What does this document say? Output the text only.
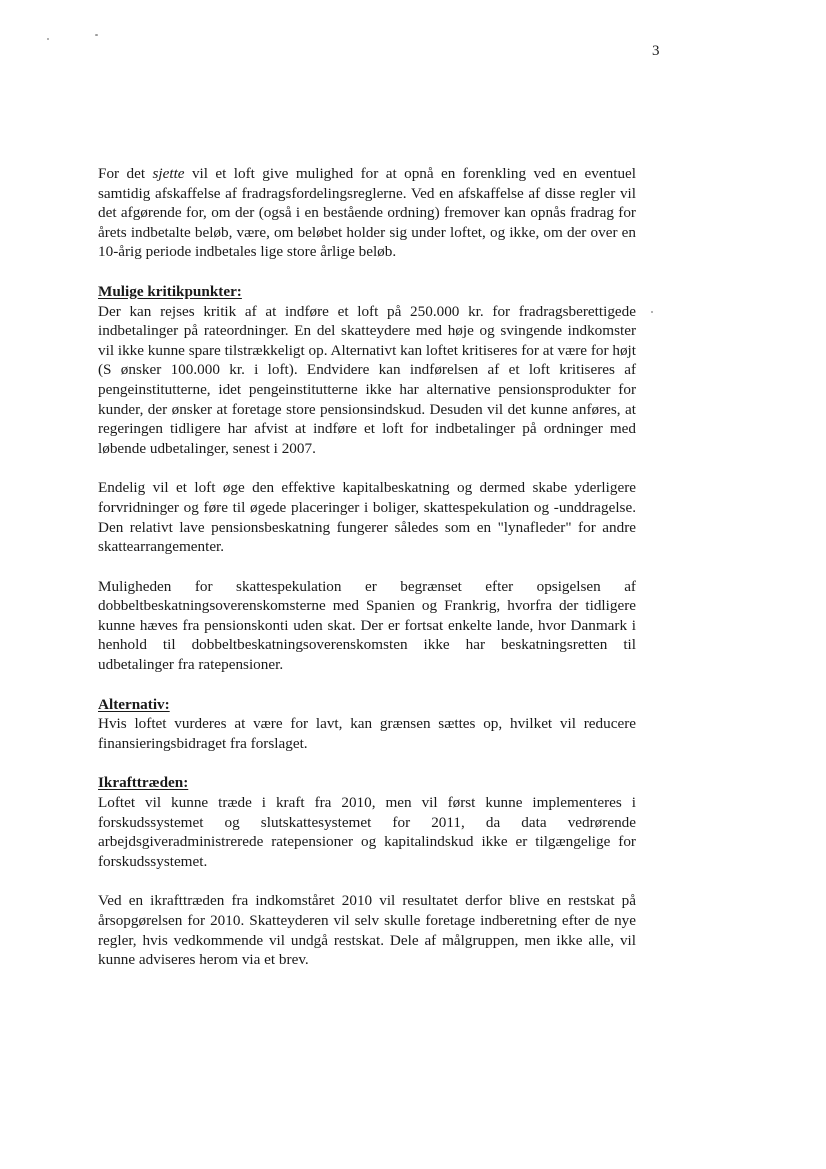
3

For det sjette vil et loft give mulighed for at opnå en forenkling ved en eventuel samtidig afskaffelse af fradragsfordelingsreglerne. Ved en afskaffelse af disse regler vil det afgørende for, om der (også i en bestående ordning) fremover kan opnås fradrag for årets indbetalte beløb, være, om beløbet holder sig under loftet, og ikke, om der over en 10-årig periode indbetales lige store årlige beløb.

Mulige kritikpunkter:

Der kan rejses kritik af at indføre et loft på 250.000 kr. for fradragsberettigede indbetalinger på rateordninger. En del skatteydere med høje og svingende indkomster vil ikke kunne spare tilstrækkeligt op. Alternativt kan loftet kritiseres for at være for højt (S ønsker 100.000 kr. i loft). Endvidere kan indførelsen af et loft kritiseres af pengeinstitutterne, idet pengeinstitutterne ikke har alternative pensionsprodukter for kunder, der ønsker at foretage store pensionsindskud. Desuden vil det kunne anføres, at regeringen tidligere har afvist at indføre et loft for indbetalinger på ordninger med løbende udbetalinger, senest i 2007.

Endelig vil et loft øge den effektive kapitalbeskatning og dermed skabe yderligere forvridninger og føre til øgede placeringer i boliger, skattespekulation og -unddragelse. Den relativt lave pensionsbeskatning fungerer således som en "lynafleder" for andre skattearrangementer.

Muligheden for skattespekulation er begrænset efter opsigelsen af dobbeltbeskatningsoverenskomsterne med Spanien og Frankrig, hvorfra der tidligere kunne hæves fra pensionskonti uden skat. Der er fortsat enkelte lande, hvor Danmark i henhold til dobbeltbeskatningsoverenskomsten ikke har beskatningsretten til udbetalinger fra ratepensioner.

Alternativ:

Hvis loftet vurderes at være for lavt, kan grænsen sættes op, hvilket vil reducere finansieringsbidraget fra forslaget.

Ikrafttræden:

Loftet vil kunne træde i kraft fra 2010, men vil først kunne implementeres i forskudssystemet og slutskattesystemet for 2011, da data vedrørende arbejdsgiveradministrerede ratepensioner og kapitalindskud ikke er tilgængelige for forskudssystemet.

Ved en ikrafttræden fra indkomståret 2010 vil resultatet derfor blive en restskat på årsopgørelsen for 2010. Skatteyderen vil selv skulle foretage indberetning efter de nye regler, hvis vedkommende vil undgå restskat. Dele af målgruppen, men ikke alle, vil kunne adviseres herom via et brev.
